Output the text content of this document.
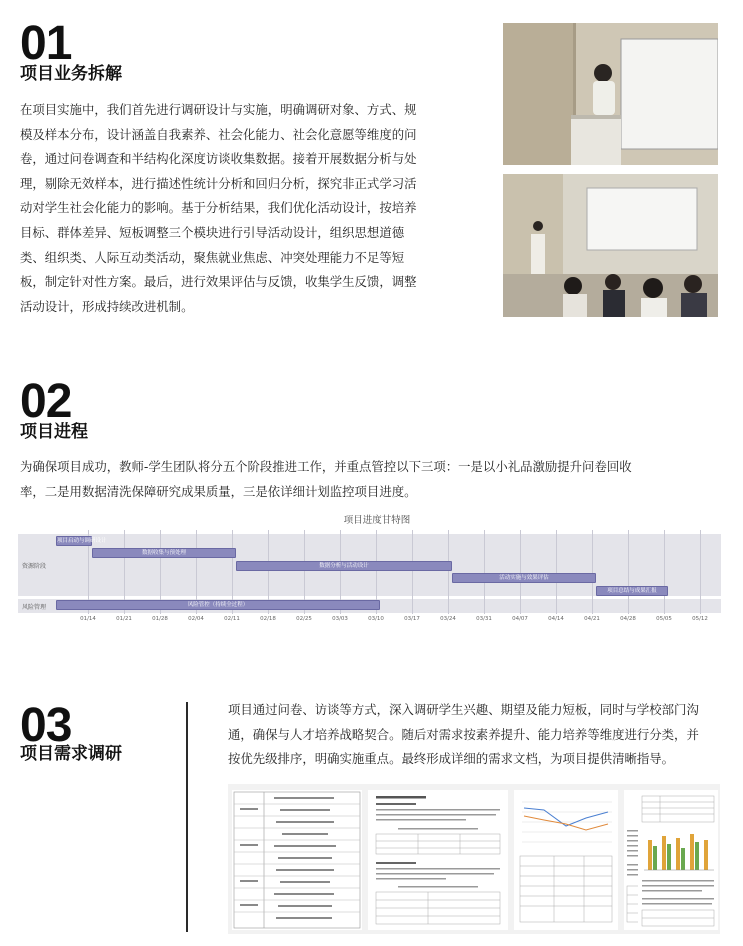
01
项目业务拆解
在项目实施中，我们首先进行调研设计与实施，明确调研对象、方式、规
模及样本分布，设计涵盖自我素养、社会化能力、社会化意愿等维度的问
卷，通过问卷调查和半结构化深度访谈收集数据。接着开展数据分析与处
理，剔除无效样本，进行描述性统计分析和回归分析，探究非正式学习活
动对学生社会化能力的影响。基于分析结果，我们优化活动设计，按培养
目标、群体差异、短板调整三个模块进行引导活动设计，组织思想道德
类、组织类、人际互动类活动，聚焦就业焦虑、冲突处理能力不足等短
板，制定针对性方案。最后，进行效果评估与反馈，收集学生反馈，调整
活动设计，形成持续改进机制。
02
项目进程
为确保项目成功，教师-学生团队将分五个阶段推进工作，并重点管控以下三项：一是以小礼品激励提升问卷回收
率，二是用数据清洗保障研究成果质量，三是依详细计划监控项目进度。
项目进度甘特图
资源阶段
风险管理
项目启动与调研设计
数据收集与预处理
数据分析与活动设计
活动实施与效果评估
项目总结与成果汇报
风险管控（持续全过程）
01/14	01/21	01/28	02/04	02/11	02/18	02/25	03/03	03/10	03/17	03/24	03/31	04/07	04/14	04/21	04/28	05/05	05/12
03
项目需求调研
项目通过问卷、访谈等方式，深入调研学生兴趣、期望及能力短板，同时与学校部门沟
通，确保与人才培养战略契合。随后对需求按素养提升、能力培养等维度进行分类，并
按优先级排序，明确实施重点。最终形成详细的需求文档，为项目提供清晰指导。
